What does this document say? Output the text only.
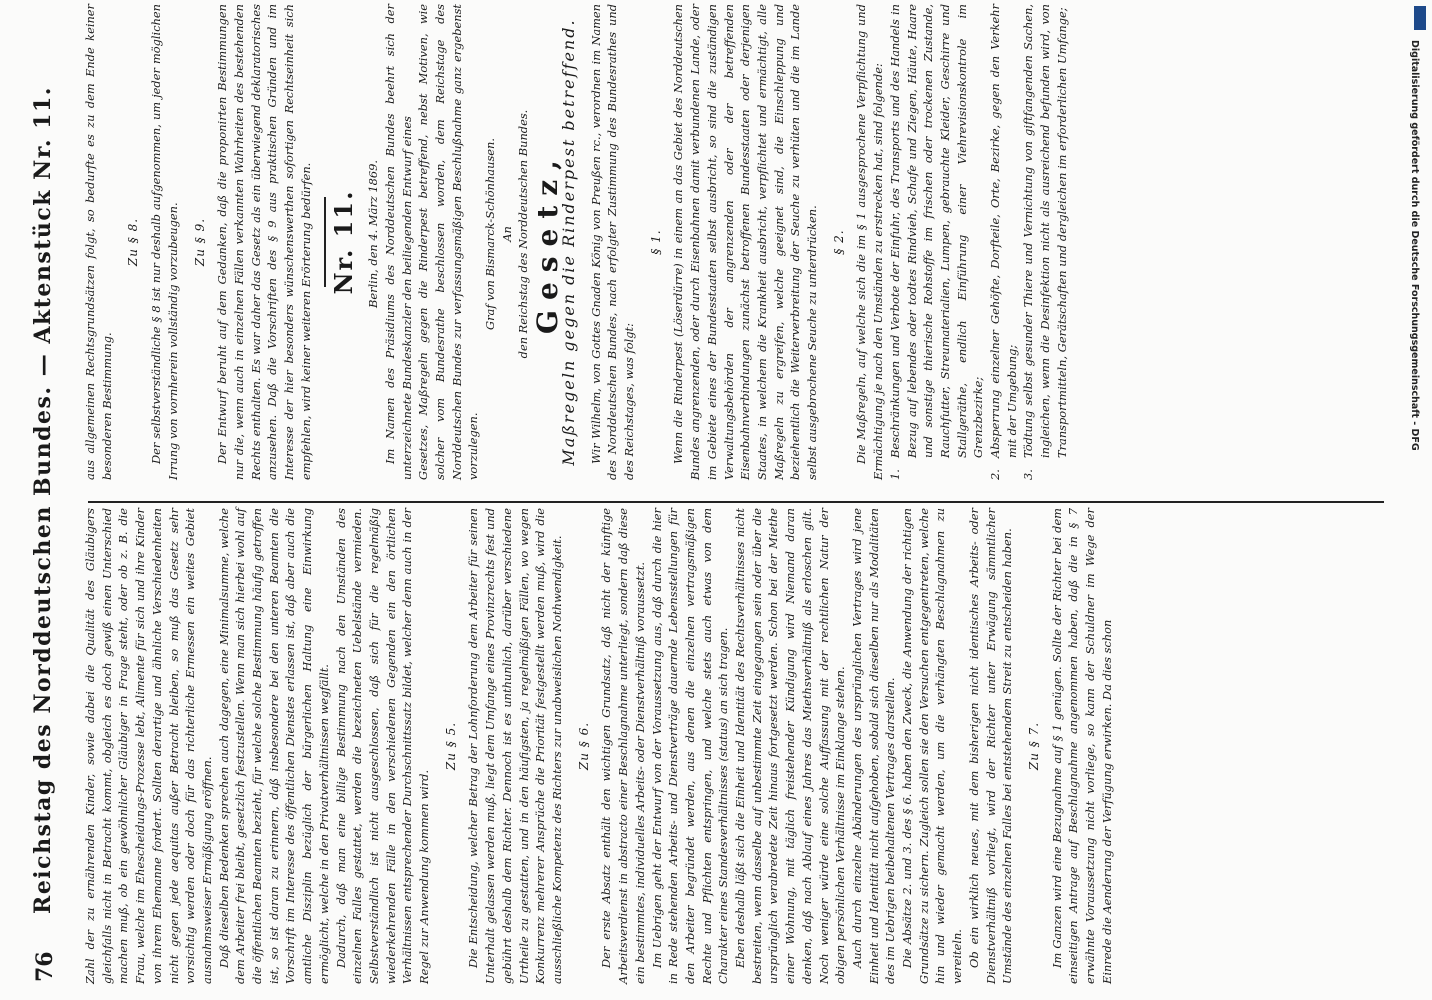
76
Reichstag des Norddeutschen Bundes. — Aktenstück Nr. 11. Zahl der zu ernährenden Kinder, sowie dabei die Qualität des Gläubigers gleichfalls nicht in Betracht kommt, obgleich es doch gewiß einen Unterschied machen muß, ob ein gewöhnlicher Gläubiger in Frage steht, oder ob z. B. die Frau, welche im Ehescheidungs-Prozesse lebt, Alimente für sich und ihre Kinder von ihrem Ehemanne fordert. Sollten derartige und ähnliche Verschiedenheiten nicht gegen jede aequitas außer Betracht bleiben, so muß das Gesetz sehr vorsichtig werden oder doch für das richterliche Ermessen ein weites Gebiet ausnahmsweiser Ermäßigung eröffnen. Daß dieselben Bedenken sprechen auch dagegen, eine Minimalsumme, welche dem Arbeiter frei bleibt, gesetzlich festzustellen. Wenn man sich hierbei wohl auf die öffentlichen Beamten bezieht, für welche solche Bestimmung häufig getroffen ist, so ist daran zu erinnern, daß insbesondere bei den unteren Beamten die Vorschrift im Interesse des öffentlichen Dienstes erlassen ist, daß aber auch die amtliche Disziplin bezüglich der bürgerlichen Haltung eine Einwirkung ermöglicht, welche in den Privatverhältnissen wegfällt. Dadurch, daß man eine billige Bestimmung nach den Umständen des einzelnen Falles gestattet, werden die bezeichneten Uebelstände vermieden. Selbstverständlich ist nicht ausgeschlossen, daß sich für die regelmäßig wiederkehrenden Fälle in den verschiedenen Gegenden ein den örtlichen Verhältnissen entsprechender Durchschnittssatz bildet, welcher denn auch in der Regel zur Anwendung kommen wird.

Zu § 5. Die Entscheidung, welcher Betrag der Lohnforderung dem Arbeiter für seinen Unterhalt gelassen werden muß, liegt dem Umfange eines Provinzrechts fest und gebührt deshalb dem Richter. Dennoch ist es unthunlich, darüber verschiedene Urtheile zu gestatten, und in den häufigsten, ja regelmäßigen Fällen, wo wegen Konkurrenz mehrerer Ansprüche die Priorität festgestellt werden muß, wird die ausschließliche Kompetenz des Richters zur unabweislichen Nothwendigkeit. Zu § 6. Der erste Absatz enthält den wichtigen Grundsatz, daß nicht der künftige Arbeitsverdienst in abstracto einer Beschlagnahme unterliegt, sondern daß diese ein bestimmtes, individuelles Arbeits- oder Dienstverhältniß voraussetzt. Im Uebrigen geht der Entwurf von der Voraussetzung aus, daß durch die hier in Rede stehenden Arbeits- und Dienstverträge dauernde Lebensstellungen für den Arbeiter begründet werden, aus denen die einzelnen vertragsmäßigen Rechte und Pflichten entspringen, und welche stets auch etwas von dem Charakter eines Standesverhältnisses (status) an sich tragen. Eben deshalb läßt sich die Einheit und Identität des Rechtsverhältnisses nicht bestreiten, wenn dasselbe auf unbestimmte Zeit eingegangen sein oder über die ursprünglich verabredete Zeit hinaus fortgesetzt werden. Schon bei der Miethe einer Wohnung, mit täglich freistehender Kündigung wird Niemand daran denken, daß nach Ablauf eines Jahres das Miethsverhältniß als erloschen gilt. Noch weniger würde eine solche Auffassung mit der rechtlichen Natur der obigen persönlichen Verhältnisse im Einklange stehen. Auch durch einzelne Abänderungen des ursprünglichen Vertrages wird jene Einheit und Identität nicht aufgehoben, sobald sich dieselben nur als Modalitäten des im Uebrigen beibehaltenen Vertrages darstellen. Die Absätze 2. und 3. des § 6. haben den Zweck, die Anwendung der richtigen Grundsätze zu sichern. Zugleich sollen sie den Versuchen entgegentreten, welche hin und wieder gemacht werden, um die verhängten Beschlagnahmen zu vereiteln. Ob ein wirklich neues, mit dem bisherigen nicht identisches Arbeits- oder Dienstverhältniß vorliegt, wird der Richter unter Erwägung sämmtlicher Umstände des einzelnen Falles bei entstehendem Streit zu entscheiden haben. Zu § 7. Im Ganzen wird eine Bezugnahme auf § 1 genügen. Sollte der Richter bei dem einseitigen Antrage auf Beschlagnahme angenommen haben, daß die in § 7 erwähnte Voraussetzung nicht vorliege, so kann der Schuldner im Wege der Einrede die Aenderung der Verfügung erwirken. Da dies schon

aus allgemeinen Rechtsgrundsätzen folgt, so bedurfte es zu dem Ende keiner besonderen Bestimmung.

Zu § 8. Der selbstverständliche § 8 ist nur deshalb aufgenommen, um jeder möglichen Irrung von vornherein vollständig vorzubeugen. Zu § 9. Der Entwurf beruht auf dem Gedanken, daß die proponirten Bestimmungen nur die, wenn auch in einzelnen Fällen verkannten Wahrheiten des bestehenden Rechts enthalten. Es war daher das Gesetz als ein überwiegend deklaratorisches anzusehen. Daß die Vorschriften des § 9 aus praktischen Gründen und im Interesse der hier besonders wünschenswerthen sofortigen Rechtseinheit sich empfehlen, wird keiner weiteren Erörterung bedürfen. Nr. 11. Berlin, den 4. März 1869. Im Namen des Präsidiums des Norddeutschen Bundes beehrt sich der unterzeichnete Bundeskanzler den beiliegenden Entwurf eines Gesetzes, Maßregeln gegen die Rinderpest betreffend, nebst Motiven, wie solcher vom Bundesrathe beschlossen worden, dem Reichstage des Norddeutschen Bundes zur verfassungsmäßigen Beschlußnahme ganz ergebenst vorzulegen.

Graf von Bismarck-Schönhausen. An den Reichstag des Norddeutschen Bundes. Gesetz,
Maßregeln gegen die Rinderpest betreffend. Wir Wilhelm, von Gottes Gnaden König von Preußen rc., verordnen im Namen des Norddeutschen Bundes, nach erfolgter Zustimmung des Bundesrathes und des Reichstages, was folgt:

§ 1. Wenn die Rinderpest (Löserdürre) in einem an das Gebiet des Norddeutschen Bundes angrenzenden, oder durch Eisenbahnen damit verbundenen Lande, oder im Gebiete eines der Bundesstaaten selbst ausbricht, so sind die zuständigen Verwaltungsbehörden der angrenzenden oder der betreffenden Eisenbahnverbindungen zunächst betroffenen Bundesstaaten oder derjenigen Staates, in welchem die Krankheit ausbricht, verpflichtet und ermächtigt, alle Maßregeln zu ergreifen, welche geeignet sind, die Einschleppung und beziehentlich die Weiterverbreitung der Seuche zu verhüten und die im Lande selbst ausgebrochene Seuche zu unterdrücken. § 2. Die Maßregeln, auf welche sich die im § 1 ausgesprochene Verpflichtung und Ermächtigung je nach den Umständen zu erstrecken hat, sind folgende: 1.
Beschränkungen und Verbote der Einfuhr, des Transports und des Handels in Bezug auf lebendes oder todtes Rindvieh, Schafe und Ziegen, Häute, Haare und sonstige thierische Rohstoffe im frischen oder trockenen Zustande, Rauchfutter, Streumaterialien, Lumpen, gebrauchte Kleider, Geschirre und Stallgeräthe, endlich Einführung einer Viehrevisionskontrole im Grenzbezirke;
2.
Absperrung einzelner Gehöfte, Dorfteile, Orte, Bezirke, gegen den Verkehr mit der Umgebung;
3.
Tödtung selbst gesunder Thiere und Vernichtung von giftfangenden Sachen, ingleichen, wenn die Desinfektion nicht als ausreichend befunden wird, von Transportmitteln, Gerätschaften und dergleichen im erforderlichen Umfange;	Digitalisierung gefördert durch die Deutsche Forschungsgemeinschaft - DFG
